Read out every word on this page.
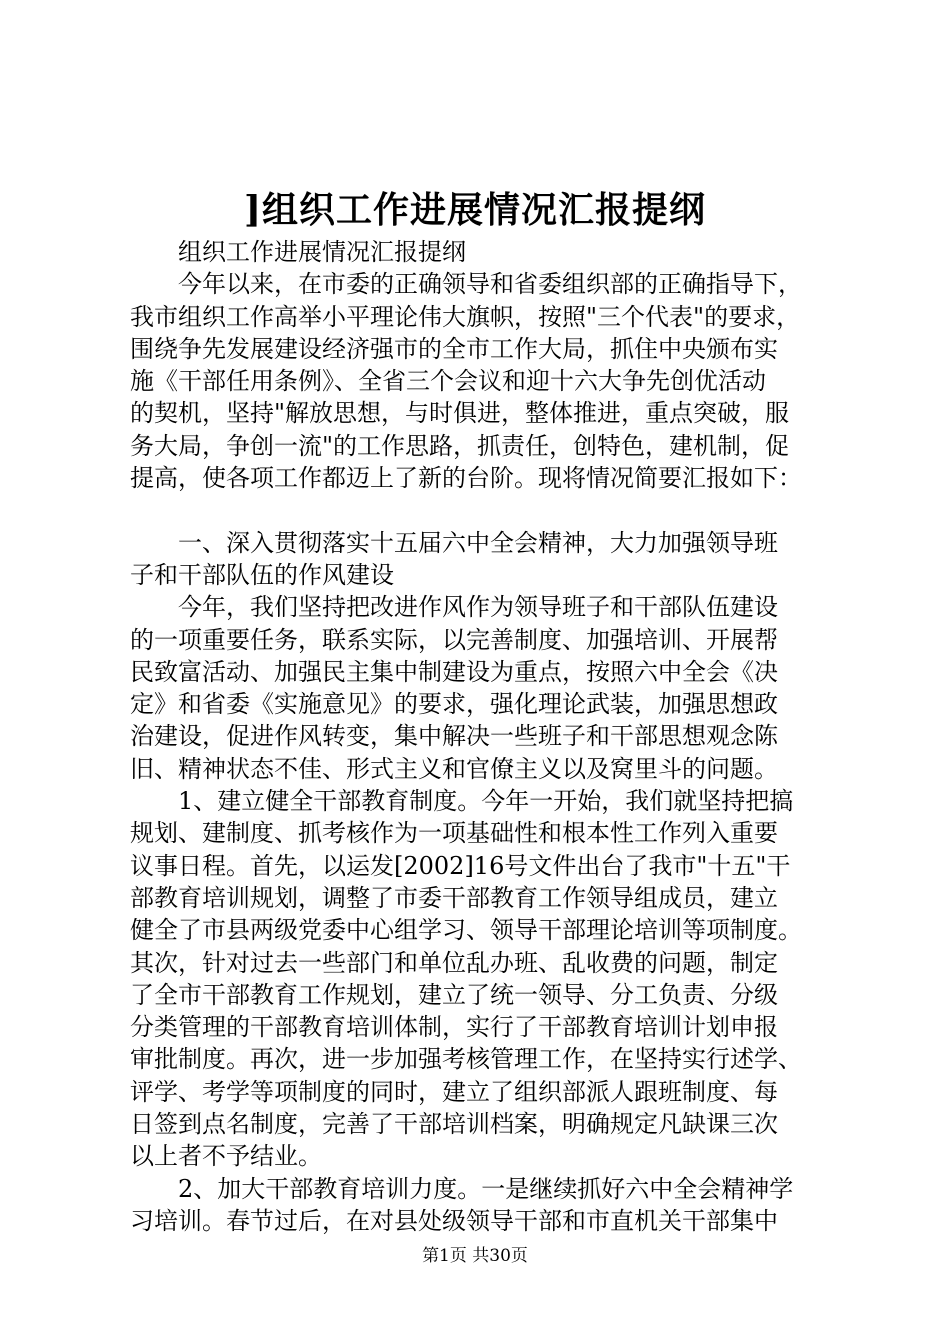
]组织工作进展情况汇报提纲
组织工作进展情况汇报提纲
今年以来，在市委的正确领导和省委组织部的正确指导下，
我市组织工作高举小平理论伟大旗帜，按照"三个代表"的要求，
围绕争先发展建设经济强市的全市工作大局，抓住中央颁布实
施《干部任用条例》、全省三个会议和迎十六大争先创优活动
的契机，坚持"解放思想，与时俱进，整体推进，重点突破，服
务大局，争创一流"的工作思路，抓责任，创特色，建机制，促
提高，使各项工作都迈上了新的台阶。现将情况简要汇报如下：
一、深入贯彻落实十五届六中全会精神，大力加强领导班
子和干部队伍的作风建设
今年，我们坚持把改进作风作为领导班子和干部队伍建设
的一项重要任务，联系实际，以完善制度、加强培训、开展帮
民致富活动、加强民主集中制建设为重点，按照六中全会《决
定》和省委《实施意见》的要求，强化理论武装，加强思想政
治建设，促进作风转变，集中解决一些班子和干部思想观念陈
旧、精神状态不佳、形式主义和官僚主义以及窝里斗的问题。
1、建立健全干部教育制度。今年一开始，我们就坚持把搞
规划、建制度、抓考核作为一项基础性和根本性工作列入重要
议事日程。首先，以运发[2002]16号文件出台了我市"十五"干
部教育培训规划，调整了市委干部教育工作领导组成员，建立
健全了市县两级党委中心组学习、领导干部理论培训等项制度。
其次，针对过去一些部门和单位乱办班、乱收费的问题，制定
了全市干部教育工作规划，建立了统一领导、分工负责、分级
分类管理的干部教育培训体制，实行了干部教育培训计划申报
审批制度。再次，进一步加强考核管理工作，在坚持实行述学、
评学、考学等项制度的同时，建立了组织部派人跟班制度、每
日签到点名制度，完善了干部培训档案，明确规定凡缺课三次
以上者不予结业。
2、加大干部教育培训力度。一是继续抓好六中全会精神学
习培训。春节过后，在对县处级领导干部和市直机关干部集中
第1页 共30页
